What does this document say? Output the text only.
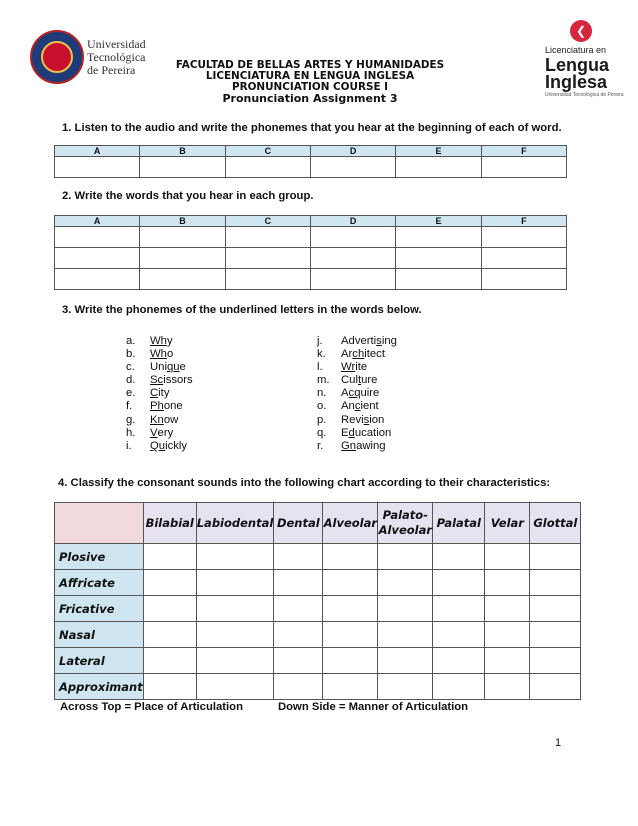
Universidad
Tecnológica
de Pereira	FACULTAD DE BELLAS ARTES Y HUMANIDADES
LICENCIATURA EN LENGUA INGLESA
PRONUNCIATION COURSE I
Pronunciation Assignment 3
❮
Licenciatura en
Lengua
Inglesa
Universidad Tecnológica de Pereira
1. Listen to the audio and write the phonemes that you hear at the beginning of each of word.
A	B	C	D	E	F

2. Write the words that you hear in each group.
A	B	C	D	E	F

3. Write the phonemes of the underlined letters in the words below.
a.	Wh y
b.	Wh o
c.	Uni qu e
d.	Sc issors
e.	C ity
f.	Ph one
g.	Kn ow
h.	V ery
i.	Qu ickly
j.	Adverti s ing
k.	Ar ch itect
l.	Wr ite
m.	Cul t ure
n.	A cq uire
o.	An c ient
p.	Revi s ion
q.	E d ucation
r.	Gn awing
4. Classify the consonant sounds into the following chart according to their characteristics:
	Bilabial	Labiodental	Dental	Alveolar	Palato-
Alveolar	Palatal	Velar	Glottal
Plosive								
Affricate								
Fricative								
Nasal								
Lateral								
Approximant								
Across Top = Place of Articulation	Down Side = Manner of Articulation
1
